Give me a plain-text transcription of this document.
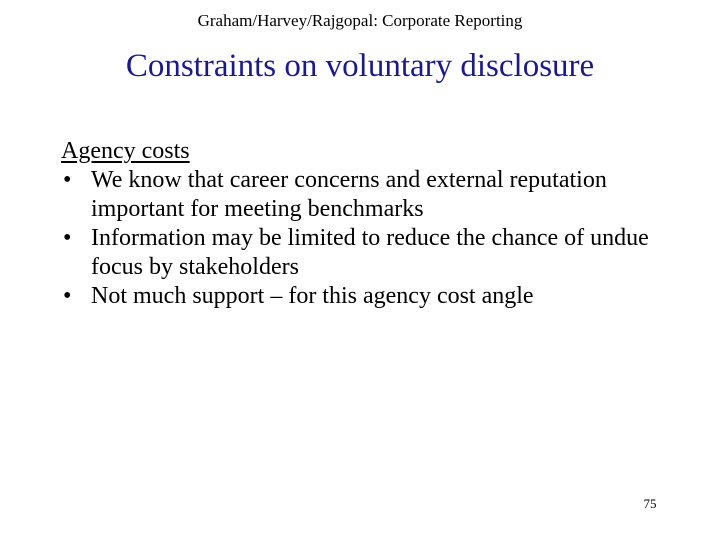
Graham/Harvey/Rajgopal: Corporate Reporting
Constraints on voluntary disclosure
Agency costs
• We know that career concerns and external reputation important for meeting benchmarks
• Information may be limited to reduce the chance of undue focus by stakeholders
• Not much support – for this agency cost angle
75
